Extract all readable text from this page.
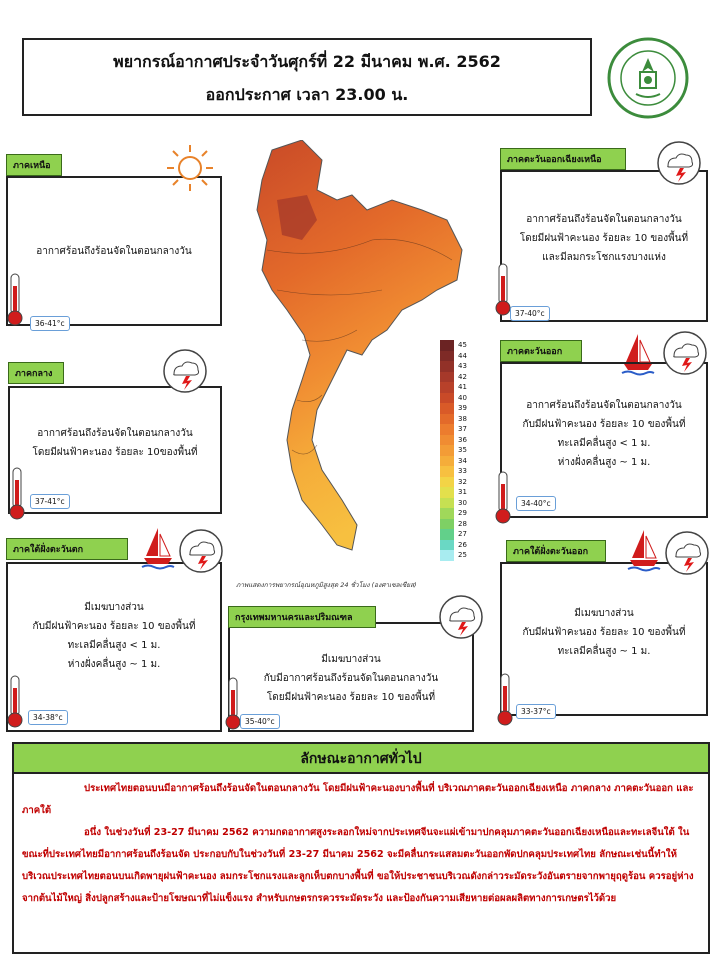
พยากรณ์อากาศประจำวันศุกร์ที่ 22 มีนาคม พ.ศ. 2562
ออกประกาศ เวลา 23.00 น.
อากาศร้อนถึงร้อนจัดในตอนกลางวัน
ภาคเหนือ
36-41°c
อากาศร้อนถึงร้อนจัดในตอนกลางวัน
โดยมีฝนฟ้าคะนอง ร้อยละ 10 ของพื้นที่
และมีลมกระโชกแรงบางแห่ง
ภาคตะวันออกเฉียงเหนือ
37-40°c
อากาศร้อนถึงร้อนจัดในตอนกลางวัน
โดยมีฝนฟ้าคะนอง ร้อยละ 10ของพื้นที่
ภาคกลาง
37-41°c
อากาศร้อนถึงร้อนจัดในตอนกลางวัน
กับมีฝนฟ้าคะนอง ร้อยละ 10 ของพื้นที่
ทะเลมีคลื่นสูง < 1 ม.
ห่างฝั่งคลื่นสูง ~ 1 ม.
ภาคตะวันออก
34-40°c
มีเมฆบางส่วน
กับมีฝนฟ้าคะนอง ร้อยละ 10 ของพื้นที่
ทะเลมีคลื่นสูง < 1 ม.
ห่างฝั่งคลื่นสูง ~ 1 ม.
ภาคใต้ฝั่งตะวันตก
34-38°c
มีเมฆบางส่วน
กับมีอากาศร้อนถึงร้อนจัดในตอนกลางวัน
โดยมีฝนฟ้าคะนอง ร้อยละ 10 ของพื้นที่
กรุงเทพมหานครและปริมณฑล
35-40°c
มีเมฆบางส่วน
กับมีฝนฟ้าคะนอง ร้อยละ 10 ของพื้นที่
ทะเลมีคลื่นสูง ~ 1 ม.
ภาคใต้ฝั่งตะวันออก
33-37°c
45
44
43
42
41
40
39
38
37
36
35
34
33
32
31
30
29
28
27
26
25
ภาพแสดงการพยากรณ์อุณหภูมิสูงสุด 24 ชั่วโมง (องศาเซลเซียส)
ลักษณะอากาศทั่วไป
ประเทศไทยตอนบนมีอากาศร้อนถึงร้อนจัดในตอนกลางวัน โดยมีฝนฟ้าคะนองบางพื้นที่ บริเวณภาคตะวันออกเฉียงเหนือ ภาคกลาง ภาคตะวันออก และภาคใต้
อนึ่ง ในช่วงวันที่ 23-27 มีนาคม 2562 ความกดอากาศสูงระลอกใหม่จากประเทศจีนจะแผ่เข้ามาปกคลุมภาคตะวันออกเฉียงเหนือและทะเลจีนใต้ ในขณะที่ประเทศไทยมีอากาศร้อนถึงร้อนจัด ประกอบกับในช่วงวันที่ 23-27 มีนาคม 2562 จะมีคลื่นกระแสลมตะวันออกพัดปกคลุมประเทศไทย ลักษณะเช่นนี้ทำให้บริเวณประเทศไทยตอนบนเกิดพายุฝนฟ้าคะนอง ลมกระโชกแรงและลูกเห็บตกบางพื้นที่ ขอให้ประชาชนบริเวณดังกล่าวระมัดระวังอันตรายจากพายุฤดูร้อน ควรอยู่ห่างจากต้นไม้ใหญ่ สิ่งปลูกสร้างและป้ายโฆษณาที่ไม่แข็งแรง สำหรับเกษตรกรควรระมัดระวัง และป้องกันความเสียหายต่อผลผลิตทางการเกษตรไว้ด้วย
